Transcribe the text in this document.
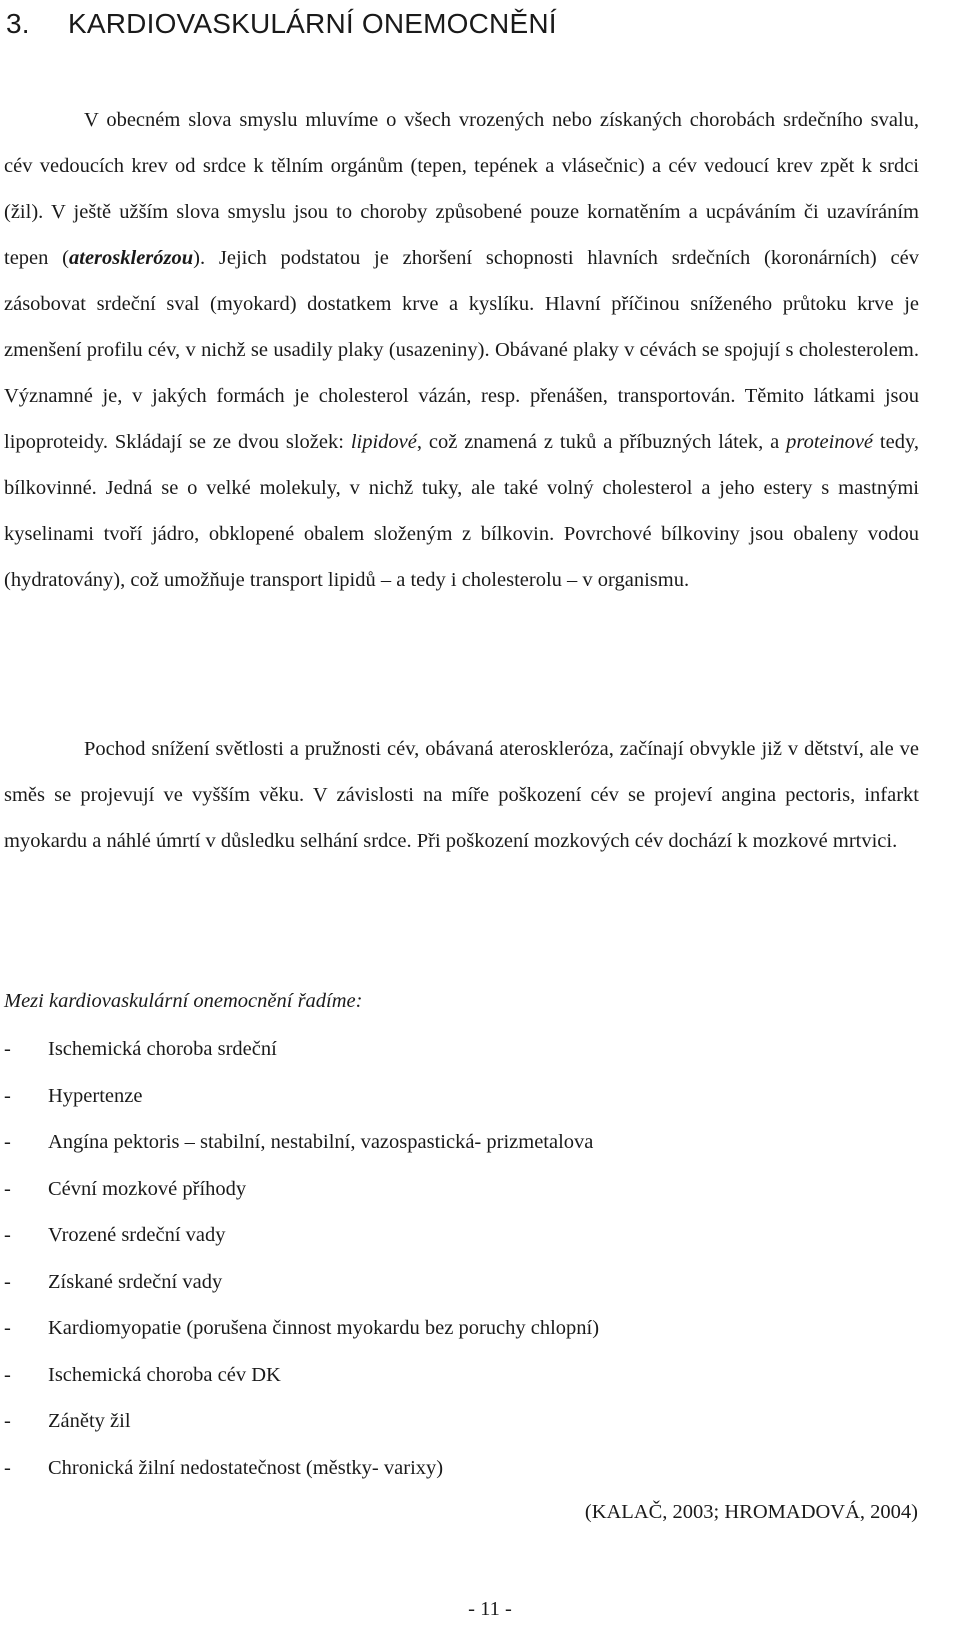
3. KARDIOVASKULÁRNÍ ONEMOCNĚNÍ

V obecném slova smyslu mluvíme o všech vrozených nebo získaných chorobách srdečního svalu, cév vedoucích krev od srdce k tělním orgánům (tepen, tepének a vlásečnic) a cév vedoucí krev zpět k srdci (žil). V ještě užším slova smyslu jsou to choroby způsobené pouze kornatěním a ucpáváním či uzavíráním tepen (aterosklerózou). Jejich podstatou je zhoršení schopnosti hlavních srdečních (koronárních) cév zásobovat srdeční sval (myokard) dostatkem krve a kyslíku. Hlavní příčinou sníženého průtoku krve je zmenšení profilu cév, v nichž se usadily plaky (usazeniny). Obávané plaky v cévách se spojují s cholesterolem. Významné je, v jakých formách je cholesterol vázán, resp. přenášen, transportován. Těmito látkami jsou lipoproteidy. Skládají se ze dvou složek: lipidové, což znamená z tuků a příbuzných látek, a proteinové tedy, bílkovinné. Jedná se o velké molekuly, v nichž tuky, ale také volný cholesterol a jeho estery s mastnými kyselinami tvoří jádro, obklopené obalem složeným z bílkovin. Povrchové bílkoviny jsou obaleny vodou (hydratovány), což umožňuje transport lipidů – a tedy i cholesterolu – v organismu.

Pochod snížení světlosti a pružnosti cév, obávaná ateroskleróza, začínají obvykle již v dětství, ale ve směs se projevují ve vyšším věku. V závislosti na míře poškození cév se projeví angina pectoris, infarkt myokardu a náhlé úmrtí v důsledku selhání srdce. Při poškození mozkových cév dochází k mozkové mrtvici.

Mezi kardiovaskulární onemocnění řadíme:

- Ischemická choroba srdeční
- Hypertenze
- Angína pektoris – stabilní, nestabilní, vazospastická- prizmetalova
- Cévní mozkové příhody
- Vrozené srdeční vady
- Získané srdeční vady
- Kardiomyopatie (porušena činnost myokardu bez poruchy chlopní)
- Ischemická choroba cév DK
- Záněty žil
- Chronická žilní nedostatečnost (městky- varixy)

(KALAČ, 2003; HROMADOVÁ, 2004)

- 11 -
